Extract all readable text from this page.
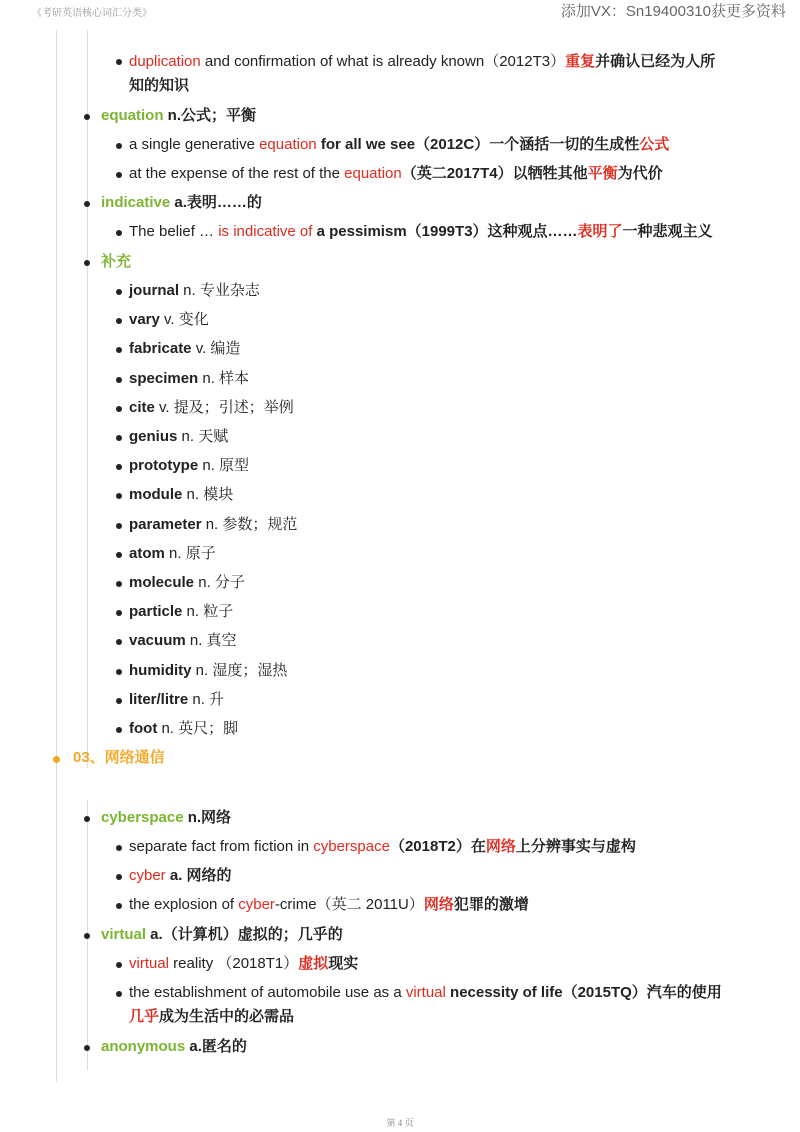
《考研英语核心词汇分类》	添加VX：Sn19400310获更多资料
第 4 页
duplication and confirmation of what is already known（2012T3）重复并确认已经为人所
知的知识
equation n.公式；平衡
a single generative equation for all we see（2012C）一个涵括一切的生成性公式
at the expense of the rest of the equation（英二2017T4）以牺牲其他平衡为代价
indicative a.表明……的
The belief … is indicative of a pessimism（1999T3）这种观点……表明了一种悲观主义
补充
journal n. 专业杂志
vary v. 变化
fabricate v. 编造
specimen n. 样本
cite v. 提及；引述；举例
genius n. 天赋
prototype n. 原型
module n. 模块
parameter n. 参数；规范
atom n. 原子
molecule n. 分子
particle n. 粒子
vacuum n. 真空
humidity n. 湿度；湿热
liter/litre n. 升
foot n. 英尺；脚
03、网络通信
cyberspace n.网络
separate fact from fiction in cyberspace（2018T2）在网络上分辨事实与虚构
cyber a. 网络的
the explosion of cyber-crime（英二 2011U）网络犯罪的激增
virtual a.（计算机）虚拟的；几乎的
virtual reality （2018T1）虚拟现实
the establishment of automobile use as a virtual necessity of life（2015TQ）汽车的使用
几乎成为生活中的必需品
anonymous a.匿名的
